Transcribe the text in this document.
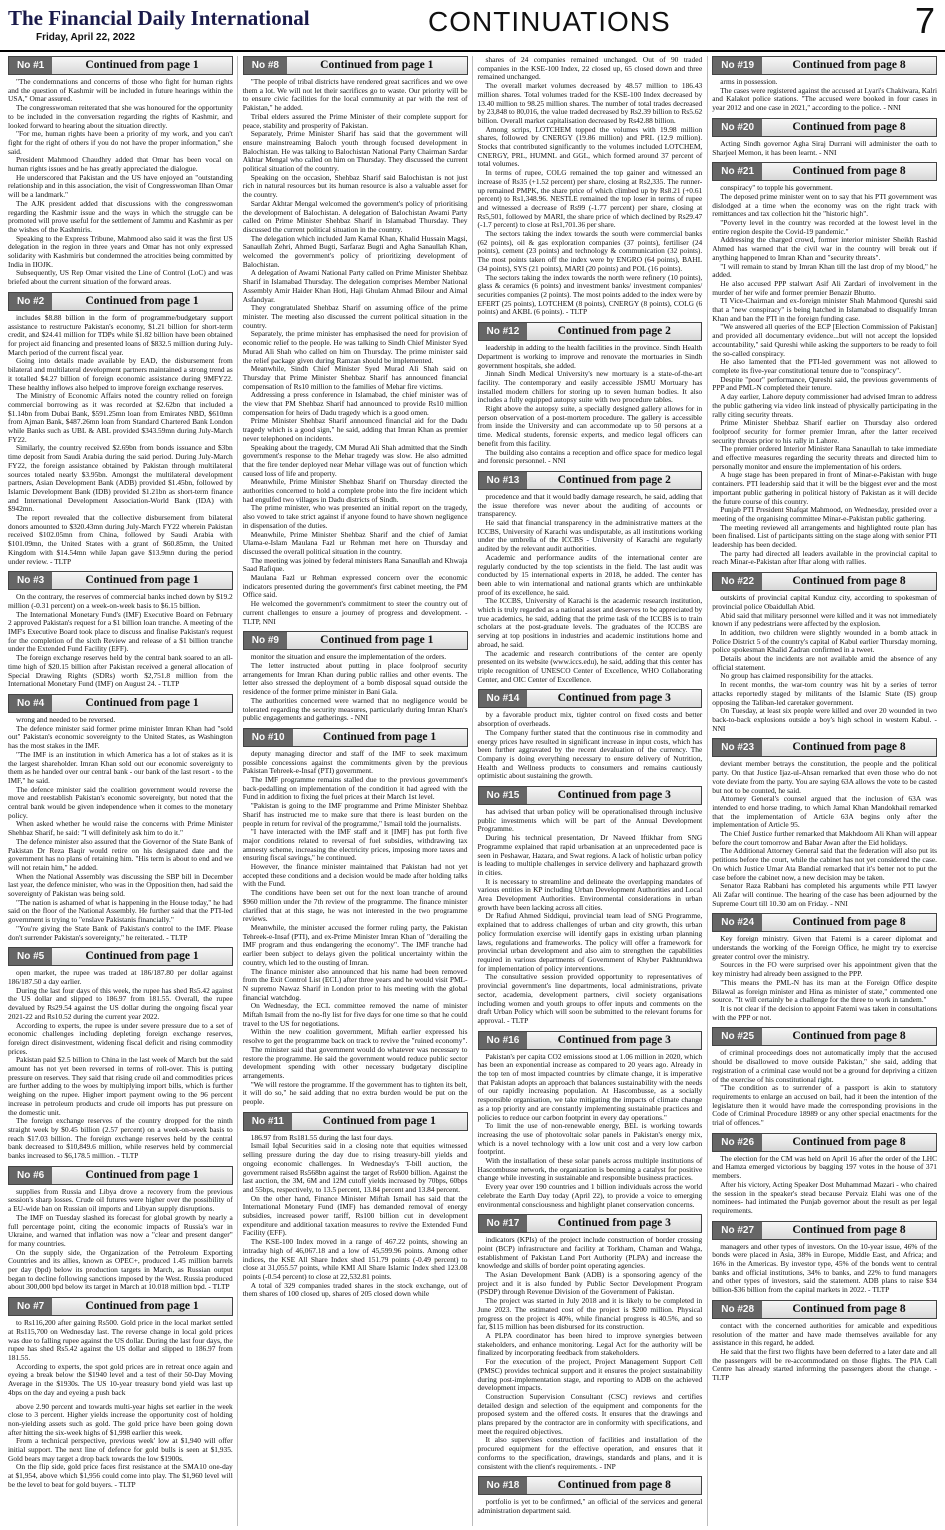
The Financial Daily International
Friday, April 22, 2022
CONTINUATIONS	7
No #1	Continued from page 1

"The condemnations and concerns of those who fight for human rights and the question of Kashmir will be included in future hearings within the USA," Omar assured.

The congresswoman reiterated that she was honoured for the opportunity to be included in the conversation regarding the rights of Kashmir, and looked forward to hearing about the situation directly.

"For me, human rights have been a priority of my work, and you can't fight for the right of others if you do not have the proper information," she said.

President Mahmood Chaudhry added that Omar has been vocal on human rights issues and he has greatly appreciated the dialogue.

He underscored that Pakistan and the US have enjoyed an "outstanding relationship and in this association, the visit of Congresswoman Ilhan Omar will be a landmark."

The AJK president added that discussions with the congresswoman regarding the Kashmir issue and the ways in which the struggle can be promoted will prove useful for the settlement of Jammu and Kashmir as per the wishes of the Kashmiris.

Speaking to the Express Tribune, Mahmood also said it was the first US delegation in the region in three years and Omar has not only expressed solidarity with Kashmiris but condemned the atrocities being committed by India in IIOJK.

Subsequently, US Rep Omar visited the Line of Control (LoC) and was briefed about the current situation of the forward areas.

No #2	Continued from page 1

includes $8.88 billion in the form of programme/budgetary support assistance to restructure Pakistan's economy, $1.21 billion for short-term credit, and $24.41 million for TDPs while $1.82 billion have been obtained for project aid financing and presented loans of $832.5 million during July-March period of the current fiscal year.

Going into details made available by EAD, the disbursement from bilateral and multilateral development partners maintained a strong trend as it totalled $4.27 billion of foreign economic assistance during 9MFY22. These healthy inflows also helped to improve foreign exchange reserves.

The Ministry of Economic Affairs noted the country relied on foreign commercial borrowing as it was recorded at $2.62bn that included a $1.14bn from Dubai Bank, $591.25mn loan from Emirates NBD, $610mn from Ajman Bank, $487.26mn loan from Standard Chartered Bank London while Banks such as UBL & ABL provided $343.59mn during July-March FY22.

Similarly, the country received $2.69bn from bonds issuance and $3bn time deposit from Saudi Arabia during the said period. During July-March FY22, the foreign assistance obtained by Pakistan through multilateral sources totaled nearly $3.95bn. Amongst the multilateral development partners, Asian Development Bank (ADB) provided $1.45bn, followed by Islamic Development Bank (IDB) provided $1.21bn as short-term finance and International Development Association-World Bank (IDA) with $942mn.

The report revealed that the collective disbursement from bilateral donors amounted to $320.43mn during July-March FY22 wherein Pakistan received $102.05mn from China, followed by Saudi Arabia with $101.09mn, the United States with a grant of $60.85mn, the United Kingdom with $14.54mn while Japan gave $13.9mn during the period under review. - TLTP

No #3	Continued from page 1

On the contrary, the reserves of commercial banks inched down by $19.2 million (-0.31 percent) on a week-on-week basis to $6.15 billion.

The International Monetary Fund's (IMF) Executive Board on February 2 approved Pakistan's request for a $1 billion loan tranche. A meeting of the IMF's Executive Board took place to discuss and finalise Pakistan's request for the completion of the sixth Review and release of a $1 billion tranche under the Extended Fund Facility (EFF).

The foreign exchange reserves held by the central bank soared to an all-time high of $20.15 billion after Pakistan received a general allocation of Special Drawing Rights (SDRs) worth $2,751.8 million from the International Monetary Fund (IMF) on August 24. - TLTP

No #4	Continued from page 1

wrong and needed to be reversed.

The defence minister said former prime minister Imran Khan had "sold out" Pakistan's economic sovereignty to the United States, as Washington has the most stakes in the IMF.

"The IMF is an institution in which America has a lot of stakes as it is the largest shareholder. Imran Khan sold out our economic sovereignty to them as he handed over our central bank - our bank of the last resort - to the IMF," he said.

The defence minister said the coalition government would reverse the move and reestablish Pakistan's economic sovereignty, but noted that the central bank would be given independence when it comes to the monetary policy.

When asked whether he would raise the concerns with Prime Minister Shehbaz Sharif, he said: "I will definitely ask him to do it."

The defence minister also assured that the Governor of the State Bank of Pakistan Dr Reza Baqir would retire on his designated date and the government has no plans of retaining him. "His term is about to end and we will not retain him," he added.

When the National Assembly was discussing the SBP bill in December last year, the defence minister, who was in the Opposition then, had said the sovereignty of Pakistan was being sold.

"The nation is ashamed of what is happening in the House today," he had said on the floor of the National Assembly. He further said that the PTI-led government is trying to "enslave Pakistanis financially."

"You're giving the State Bank of Pakistan's control to the IMF. Please don't surrender Pakistan's sovereignty," he reiterated. - TLTP

No #5	Continued from page 1

open market, the rupee was traded at 186/187.80 per dollar against 186/187.50 a day earlier.

During the last four days of this week, the rupee has shed Rs5.42 against the US dollar and slipped to 186.97 from 181.55. Overall, the rupee devalued by Rs29.54 against the US dollar during the ongoing fiscal year 2021-22 and Rs10.52 during the current year 2022.

According to experts, the rupee is under severe pressure due to a set of economic challenges including depleting foreign exchange reserves, foreign direct disinvestment, widening fiscal deficit and rising commodity prices.

Pakistan paid $2.5 billion to China in the last week of March but the said amount has not yet been reversed in terms of roll-over. This is putting pressure on reserves. They said that rising crude oil and commodities prices are further adding to the woes by multiplying import bills, which is further weighing on the rupee. Higher import payment owing to the 96 percent increase in petroleum products and crude oil imports has put pressure on the domestic unit.

The foreign exchange reserves of the country dropped for the ninth straight week by $0.45 billion (2.57 percent) on a week-on-week basis to reach $17.03 billion. The foreign exchange reserves held by the central bank decreased to $10,849.6 million, while reserves held by commercial banks increased to $6,178.5 million. - TLTP

No #6	Continued from page 1

supplies from Russia and Libya drove a recovery from the previous session's sharp losses. Crude oil futures were higher over the possibility of a EU-wide ban on Russian oil imports and Libyan supply disruptions.

The IMF on Tuesday slashed its forecast for global growth by nearly a full percentage point, citing the economic impacts of Russia's war in Ukraine, and warned that inflation was now a "clear and present danger" for many countries.

On the supply side, the Organization of the Petroleum Exporting Countries and its allies, known as OPEC+, produced 1.45 million barrels per day (bpd) below its production targets in March, as Russian output began to decline following sanctions imposed by the West. Russia produced about 300,000 bpd below its target in March at 10.018 million bpd. - TLTP

No #7	Continued from page 1

to Rs116,200 after gaining Rs500. Gold price in the local market settled at Rs115,700 on Wednesday last. The reverse change in local gold prices was due to falling rupee against the US dollar. During the last four days, the rupee has shed Rs5.42 against the US dollar and slipped to 186.97 from 181.55.

According to experts, the spot gold prices are in retreat once again and eyeing a break below the $1940 level and a test of their 50-Day Moving Average in the $1930s. The US 10-year treasury bond yield was last up 4bps on the day and eyeing a push back

above 2.90 percent and towards multi-year highs set earlier in the week close to 3 percent. Higher yields increase the opportunity cost of holding non-yielding assets such as gold. The gold price have been going down after hitting the six-week highs of $1,998 earlier this week.

From a technical perspective, previous week' low at $1,940 will offer initial support. The next line of defence for gold bulls is seen at $1,935. Gold bears may target a drop back towards the low $1900s.

On the flip side, gold price faces first resistance at the SMA10 one-day at $1,954, above which $1,956 could come into play. The $1,960 level will be the level to beat for gold buyers. - TLTP

No #8	Continued from page 1

"The people of tribal districts have rendered great sacrifices and we owe them a lot. We will not let their sacrifices go to waste. Our priority will be to ensure civic facilities for the local community at par with the rest of Pakistan," he added.

Tribal elders assured the Prime Minister of their complete support for peace, stability and prosperity of Pakistan.

Separately, Prime Minister Sharif has said that the government will ensure mainstreaming Baloch youth through focused development in Balochistan. He was talking to Balochistan National Party Chairman Sardar Akhtar Mengal who called on him on Thursday. They discussed the current political situation of the country.

Speaking on the occasion, Shehbaz Sharif said Balochistan is not just rich in natural resources but its human resource is also a valuable asset for the country.

Sardar Akhtar Mengal welcomed the government's policy of prioritising the development of Balochistan. A delegation of Balochistan Awami Party called on Prime Minister Shehbaz Sharif in Islamabad Thursday. They discussed the current political situation in the country.

The delegation which included Jam Kamal Khan, Khalid Hussain Magsi, Sanaullah Zehri, Ahmed Bugti, Sarfaraz Bugti and Agha Sanaullah Khan, welcomed the government's policy of prioritizing development of Balochistan.

A delegation of Awami National Party called on Prime Minister Shehbaz Sharif in Islamabad Thursday. The delegation comprises Member National Assembly Amir Haider Khan Hoti, Haji Ghulam Ahmad Bilour and Aimal Asfandyar.

They congratulated Shehbaz Sharif on assuming office of the prime minister. The meeting also discussed the current political situation in the country.

Separately, the prime minister has emphasised the need for provision of economic relief to the people. He was talking to Sindh Chief Minister Syed Murad Ali Shah who called on him on Thursday. The prime minister said the relief package given during Ramzan should be implemented.

Meanwhile, Sindh Chief Minister Syed Murad Ali Shah said on Thursday that Prime Minister Shehbaz Sharif has announced financial compensation of Rs10 million to the families of Mehar fire victims.

Addressing a press conference in Islamabad, the chief minister was of the view that PM Shehbaz Sharif had announced to provide Rs10 million compensation for heirs of Dadu tragedy which is a good omen.

Prime Minister Shehbaz Sharif announced financial aid for the Dadu tragedy which is a good sign," he said, adding that Imran Khan as premier never telephoned on incidents.

Speaking about the tragedy, CM Murad Ali Shah admitted that the Sindh government's response to the Mehar tragedy was slow. He also admitted that the fire tender deployed near Mehar village was out of function which caused loss of life and property.

Meanwhile, Prime Minister Shehbaz Sharif on Thursday directed the authorities concerned to hold a complete probe into the fire incident which had engulfed two villages in Dadu districts of Sindh.

The prime minister, who was presented an initial report on the tragedy, also vowed to take strict against if anyone found to have shown negligence in dispensation of the duties.

Meanwhile, Prime Minister Shehbaz Sharif and the chief of Jamiat Ulama-e-Islam Maulana Fazl ur Rehman met here on Thursday and discussed the overall political situation in the country.

The meeting was joined by federal ministers Rana Sanaullah and Khwaja Saad Rafique.

Maulana Fazl ur Rehman expressed concern over the economic indicators presented during the government's first cabinet meeting, the PM Office said.

He welcomed the government's commitment to steer the country out of current challenges to ensure a journey of progress and development. - TLTP, NNI

No #9	Continued from page 1

monitor the situation and ensure the implementation of the orders.

The letter instructed about putting in place foolproof security arrangements for Imran Khan during public rallies and other events. The letter also stressed the deployment of a bomb disposal squad outside the residence of the former prime minister in Bani Gala.

The authorities concerned were warned that no negligence would be tolerated regarding the security measures, particularly during Imran Khan's public engagements and gatherings. - NNI

No #10	Continued from page 1

deputy managing director and staff of the IMF to seek maximum possible concessions against the commitments given by the previous Pakistan Tehreek-e-Insaf (PTI) government.

The IMF programme remains stalled due to the previous government's back-pedalling on implementation of the condition it had agreed with the Fund in addition to fixing the fuel prices at their March 1st level.

"Pakistan is going to the IMF programme and Prime Minister Shehbaz Sharif has instructed me to make sure that there is least burden on the people in return for revival of the programme," Ismail told the journalists.

"I have interacted with the IMF staff and it [IMF] has put forth five major conditions related to reversal of fuel subsidies, withdrawing tax amnesty scheme, increasing the electricity prices, imposing more taxes and ensuring fiscal savings," he continued.

However, the finance minister maintained that Pakistan had not yet accepted these conditions and a decision would be made after holding talks with the Fund.

The conditions have been set out for the next loan tranche of around $960 million under the 7th review of the programme. The finance minister clarified that at this stage, he was not interested in the two programme reviews.

Meanwhile, the minister accused the former ruling party, the Pakistan Tehreek-e-Insaf (PTI), and ex-Prime Minister Imran Khan of "derailing the IMF program and thus endangering the economy". The IMF tranche had earlier been subject to delays given the political uncertainty within the country, which led to the ousting of Imran.

The finance minister also announced that his name had been removed from the Exit Control List (ECL) after three years and he would visit PML-N supremo Nawaz Sharif in London prior to his meeting with the global financial watchdog.

On Wednesday, the ECL committee removed the name of minister Miftah Ismail from the no-fly list for five days for one time so that he could travel to the US for negotiations.

Within the new coalition government, Miftah earlier expressed his resolve to get the programme back on track to revive the "ruined economy".

The minister said that government would do whatever was necessary to restore the programme. He said the government would reduce public sector development spending with other necessary budgetary discipline arrangements.

"We will restore the programme. If the government has to tighten its belt, it will do so," he said adding that no extra burden would be put on the people.

No #11	Continued from page 1

186.97 from Rs181.55 during the last four days.

Ismail Iqbal Securities said in a closing note that equities witnessed selling pressure during the day due to rising treasury-bill yields and ongoing economic challenges. In Wednesday's T-bill auction, the government raised Rs568bn against the target of Rs600 billion. Against the last auction, the 3M, 6M and 12M cutoff yields increased by 70bps, 60bps and 55bps, respectively, to 13.5 percent, 13.84 percent and 13.84 percent.

On the other hand, Finance Minister Miftah Ismail has said that the International Monetary Fund (IMF) has demanded removal of energy subsidies, increased power tariff, Rs100 billion cut in development expenditure and additional taxation measures to revive the Extended Fund Facility (EFF).

The KSE-100 Index moved in a range of 467.22 points, showing an intraday high of 46,067.18 and a low of 45,599.96 points. Among other indices, the KSE All Share Index shed 151.79 points (-0.49 percent) to close at 31,055.57 points, while KMI All Share Islamic Index shed 123.08 points (-0.54 percent) to close at 22,532.81 points.

A total of 329 companies traded shares in the stock exchange, out of them shares of 100 closed up, shares of 205 closed down while

shares of 24 companies remained unchanged. Out of 90 traded companies in the KSE-100 Index, 22 closed up, 65 closed down and three remained unchanged.

The overall market volumes decreased by 48.57 million to 186.43 million shares. Total volumes traded for the KSE-100 Index decreased by 13.40 million to 98.25 million shares. The number of total trades decreased by 23,848 to 80,016, the value traded decreased by Rs2.39 billion to Rs5.62 billion. Overall market capitalisation decreased by Rs42.88 billion.

Among scrips, LOTCHEM topped the volumes with 19.98 million shares, followed by CNERGY (19.86 million) and PRL (12.9 million). Stocks that contributed significantly to the volumes included LOTCHEM, CNERGY, PRL, HUMNL and GGL, which formed around 37 percent of total volumes.

In terms of rupee, COLG remained the top gainer and witnessed an increase of Rs35 (+1.52 percent) per share, closing at Rs2,335. The runner-up remained PMPK, the share price of which climbed up by Rs8.21 (+0.61 percent) to Rs1,348.96. NESTLE remained the top loser in terms of rupee and witnessed a decrease of Rs99 (-1.77 percent) per share, closing at Rs5,501, followed by MARI, the share price of which declined by Rs29.47 (-1.7 percent) to close at Rs1,701.36 per share.

The sectors taking the index towards the south were commercial banks (62 points), oil & gas exploration companies (37 points), fertiliser (24 points), cement (23 points) and technology & communication (32 points). The most points taken off the index were by ENGRO (64 points), BAHL (34 points), SYS (21 points), MARI (20 points) and POL (16 points).

The sectors taking the index towards the north were refinery (10 points), glass & ceramics (6 points) and investment banks/ investment companies/ securities companies (2 points). The most points added to the index were by EFERT (25 points), LOTCHEM (8 points), CNERGY (8 points), COLG (6 points) and AKBL (6 points). - TLTP

No #12	Continued from page 2

leadership in adding to the health facilities in the province. Sindh Health Department is working to improve and renovate the mortuaries in Sindh government hospitals, she added.

Jinnah Sindh Medical University's new mortuary is a state-of-the-art facility. The contemporary and easily accessible JSMU Mortuary has installed modern chillers for storing up to seven human bodies. It also includes a fully equipped autopsy suite with two procedure tables.

Right above the autopsy suite, a specially designed gallery allows for in person observation of a post-mortem procedure. The gallery is accessible from inside the University and can accommodate up to 50 persons at a time. Medical students, forensic experts, and medico legal officers can benefit from this facility.

The building also contains a reception and office space for medico legal and forensic personnel. - NNI

No #13	Continued from page 2

procedence and that it would badly damage research, he said, adding that the issue therefore was never about the auditing of accounts or transparency.

He said that financial transparency in the administrative matters at the ICCBS, University of Karachi was undisputable, as all institutions working under the umbrella of the ICCBS - University of Karachi are regularly audited by the relevant audit authorities.

Academic and performance audits of the international center are regularly conducted by the top scientists in the field. The last audit was conducted by 15 international experts in 2018, he added. The center has been able to win international and national grants which are unthinkable proof of its excellence, he said.

The ICCBS, University of Karachi is the academic research institution, which is truly regarded as a national asset and deserves to be appreciated by true academics, he said, adding that the prime task of the ICCBS is to train scholars at the post-graduate levels. The graduates of the ICCBS are serving at top positions in industries and academic institutions home and abroad, he said.

The academic and research contributions of the center are openly presented on its website (www.iccs.edu), he said, adding that this center has triple recognition of UNESCO Center of Excellence, WHO Collaborating Center, and OIC Center of Excellence.

No #14	Continued from page 3

by a favorable product mix, tighter control on fixed costs and better absorption of overheads.

The Company further stated that the continuous rise in commodity and energy prices have resulted in significant increase in input costs, which has been further aggravated by the recent devaluation of the currency. The Company is doing everything necessary to ensure delivery of Nutrition, Health and Wellness products to consumers and remains cautiously optimistic about sustaining the growth.

No #15	Continued from page 3

has advised that urban policy will be operationalised through inclusive public investments which will be part of the Annual Development Programme.

During his technical presentation, Dr Naveed Iftikhar from SNG Programme explained that rapid urbanisation at an unprecedented pace is seen in Peshawar, Hazara, and Swat regions. A lack of holistic urban policy is leading to multiple challenges in service delivery and haphazard growth in cities.

It is necessary to streamline and delineate the overlapping mandates of various entities in KP including Urban Development Authorities and Local Area Development Authorities. Environmental considerations in urban growth have been lacking across all cities.

Dr Rafiud Ahmed Siddiqui, provincial team lead of SNG Programme, explained that to address challenges of urban and city growth, this urban policy formulation exercise will identify gaps in existing urban planning laws, regulations and frameworks. The policy will offer a framework for provincial urban development and also aim to strengthen the capabilities required in various departments of Government of Khyber Pakhtunkhwa for implementation of policy interventions.

The consultative session provided opportunity to representatives of provincial government's line departments, local administrations, private sector, academia, development partners, civil society organisations including women and youth groups to offer inputs and comments on the draft Urban Policy which will soon be submitted to the relevant forums for approval. - TLTP

No #16	Continued from page 3

Pakistan's per capita CO2 emissions stood at 1.06 million in 2020, which has been an exponential increase as compared to 20 years ago. Already in the top ten of most impacted countries by climate change, it is imperative that Pakistan adopts an approach that balances sustainability with the needs of our rapidly increasing population. At Hascombusse, as a socially responsible organisation, we take mitigating the impacts of climate change as a top priority and are constantly implementing sustainable practices and policies to reduce our carbon footprint in every day operations."

To limit the use of non-renewable energy, BEL is working towards increasing the use of photovoltaic solar panels in Pakistan's energy mix, which is a novel technology with a low unit cost and a very low carbon footprint.

With the installation of these solar panels across multiple institutions of Hascombusse network, the organization is becoming a catalyst for positive change while investing in sustainable and responsible business practices.

Every year over 190 countries and 1 billion individuals across the world celebrate the Earth Day today (April 22), to provide a voice to emerging environmental consciousness and highlight planet conservation concerns.

No #17	Continued from page 3

indicators (KPIs) of the project include construction of border crossing point (BCP) infrastructure and facility at Torkham, Chaman and Wahga, establishment of Pakistan Land Port Authority (PLPA) and increase the knowledge and skills of border point operating agencies.

The Asian Development Bank (ADB) is a sponsoring agency of the project and it is also funded by Public Sector Development Program (PSDP) through Revenue Division of the Government of Pakistan.

The project was started in July 2018 and it is likely to be completed in June 2023. The estimated cost of the project is $200 million. Physical progress on the project is 40%, while financial progress is 40.5%, and so far, $115 million has been disbursed for its construction.

A PLPA coordinator has been hired to improve synergies between stakeholders, and enhance monitoring. Legal Act for the authority will be finalized by incorporating feedback from stakeholders.

For the execution of the project, Project Management Support Cell (PMSC) provides technical support and it ensures the project sustainability during post-implementation stage, and reporting to ADB on the achieved development impacts.

Construction Supervision Consultant (CSC) reviews and certifies detailed design and selection of the equipment and components for the proposed system and the offered costs. It ensures that the drawings and plans prepared by the contractor are in conformity with specifications, and meet the required objectives.

It also supervises construction of facilities and installation of the procured equipment for the effective operation, and ensures that it conforms to the specification, drawings, standards and plans, and it is consistent with the client's requirements. - INP

No #18	Continued from page 8

portfolio is yet to be confirmed," an official of the services and general administration department said.

No #19	Continued from page 8

arms in possession.

The cases were registered against the accused at Lyari's Chakiwara, Kalri and Kalakot police stations. "The accused were booked in four cases in year 2012 and one case in 2021," according to the police. - NNI

No #20	Continued from page 8

Acting Sindh governor Agha Siraj Durrani will administer the oath to Sharjeel Memon, it has been learnt. - NNI

No #21	Continued from page 8

conspiracy" to topple his government.

The deposed prime minister went on to say that his PTI government was dislodged at a time when the economy was on the right track with remittances and tax collection hit the "historic high".

"Poverty level in the country was recorded at the lowest level in the entire region despite the Covid-19 pandemic."

Addressing the charged crowd, former interior minister Sheikh Rashid Ahmed has warned that the civil war in the country will break out if anything happened to Imran Khan and "security threats".

"I will remain to stand by Imran Khan till the last drop of my blood," he added.

He also accused PPP stalwart Asif Ali Zardari of involvement in the murder of her wife and former premier Benazir Bhutto.

TI Vice-Chairman and ex-foreign minister Shah Mahmood Qureshi said that a "new conspiracy" is being hatched in Islamabad to disqualify Imran Khan and ban the PTI in the foreign funding case.

"We answered all queries of the ECP [Election Commission of Pakistan] and provided all documentary evidence...but will not accept the lopsided accountability," said Qureshi while asking the supporters to be ready to foil the so-called conspiracy.

He also lamented that the PTI-led government was not allowed to complete its five-year constitutional tenure due to "conspiracy".

Despite "poor" performance, Qureshi said, the previous governments of PPP and PML-N completed their tenure.

A day earlier, Lahore deputy commissioner had advised Imran to address the public gathering via video link instead of physically participating in the rally citing security threats.

Prime Minister Shehbaz Sharif earlier on Thursday also ordered foolproof security for former premier Imran, after the latter received security threats prior to his rally in Lahore.

The premier ordered Interior Minister Rana Sanaullah to take immediate and effective measures regarding the security threats and directed him to personally monitor and ensure the implementation of his orders.

A huge stage has been prepared in front of Minar-e-Pakistan with huge containers. PTI leadership said that it will be the biggest ever and the most important public gathering in political history of Pakistan as it will decide the future course of this country.

Punjab PTI President Shafqat Mahmood, on Wednesday, presided over a meeting of the organising committee Minar-e-Pakistan public gathering.

The meeting reviewed all arrangements and highlighted route plan has been finalised. List of participants sitting on the stage along with senior PTI leadership has been decided.

The party had directed all leaders available in the provincial capital to reach Minar-e-Pakistan after Iftar along with rallies.

No #22	Continued from page 8

outskirts of provincial capital Kunduz city, according to spokesman of provincial police Obaidullah Abid.

Abid said that military personnel were killed and it was not immediately known if any pedestrians were affected by the explosion.

In addition, two children were slightly wounded in a bomb attack in Police District 5 of the country's capital of Kabul earlier Thursday morning, police spokesman Khalid Zadran confirmed in a tweet.

Details about the incidents are not available amid the absence of any official statement.

No group has claimed responsibility for the attacks.

In recent months, the war-torn country was hit by a series of terror attacks reportedly staged by militants of the Islamic State (IS) group opposing the Taliban-led caretaker government.

On Tuesday, at least six people were killed and over 20 wounded in two back-to-back explosions outside a boy's high school in western Kabul. - NNI

No #23	Continued from page 8

deviant member betrays the constitution, the people and the political party. On that Justice Ijaz-ul-Ahsan remarked that even those who do not vote deviate from the party. You are saying 63A allows the vote to be casted but not to be counted, he said.

Attorney General's counsel argued that the inclusion of 63A was intended to end horse trading, to which Jamal Khan Mandokhail remarked that the implementation of Article 63A begins only after the implementation of Article 95.

The Chief Justice further remarked that Makhdoom Ali Khan will appear before the court tomorrow and Babar Awan after the Eid holidays.

The Additional Attorney General said that the federation will also put its petitions before the court, while the cabinet has not yet considered the case. On which Justice Umar Ata Bandial remarked that it's better not to put the case before the cabinet now, a new decision may be taken.

Senator Raza Rabbani has completed his arguments while PTI lawyer Ali Zafar will continue. The hearing of the case has been adjourned by the Supreme Court till 10.30 am on Friday. - NNI

No #24	Continued from page 8

Key foreign ministry. Given that Fatemi is a career diplomat and understands the working of the Foreign Office, he might try to exercise greater control over the ministry.

Sources in the FO were surprised over his appointment given that the key ministry had already been assigned to the PPP.

"This means the PML-N has its man at the Foreign Office despite Bilawal as foreign minister and Hina as minister of state," commented one source. "It will certainly be a challenge for the three to work in tandem."

It is not clear if the decision to appoint Fatemi was taken in consultations with the PPP or not.

No #25	Continued from page 8

of criminal proceedings does not automatically imply that the accused should be disallowed to move outside Pakistan," she said, adding that registration of a criminal case would not be a ground for depriving a citizen of the exercise of his constitutional right.

"The condition as to surrender of a passport is akin to statutory requirements to enlarge an accused on bail, had it been the intention of the legislature then it would have made the corresponding provisions in the Code of Criminal Procedure 18989 or any other special enactments for the trial of offences."

No #26	Continued from page 8

The election for the CM was held on April 16 after the order of the LHC and Hamza emerged victorious by bagging 197 votes in the house of 371 members.

After his victory, Acting Speaker Dost Muhammad Mazari - who chaired the session in the speaker's stead because Pervaiz Elahi was one of the nominees- had intimated the Punjab governor about the result as per legal requirements.

No #27	Continued from page 8

managers and other types of investors. On the 10-year issue, 46% of the bonds were placed in Asia, 38% in Europe, Middle East, and Africa; and 16% in the Americas. By investor type, 45% of the bonds went to central banks and official institutions, 34% to banks, and 22% to fund managers and other types of investors, said the statement. ADB plans to raise $34 billion-$36 billion from the capital markets in 2022. - TLTP

No #28	Continued from page 8

contact with the concerned authorities for amicable and expeditious resolution of the matter and have made themselves available for any assistance in this regard, he added.

He said that the first two flights have been deferred to a later date and all the passengers will be re-accommodated on those flights. The PIA Call Centre has already started informing the passengers about the change. - TLTP
